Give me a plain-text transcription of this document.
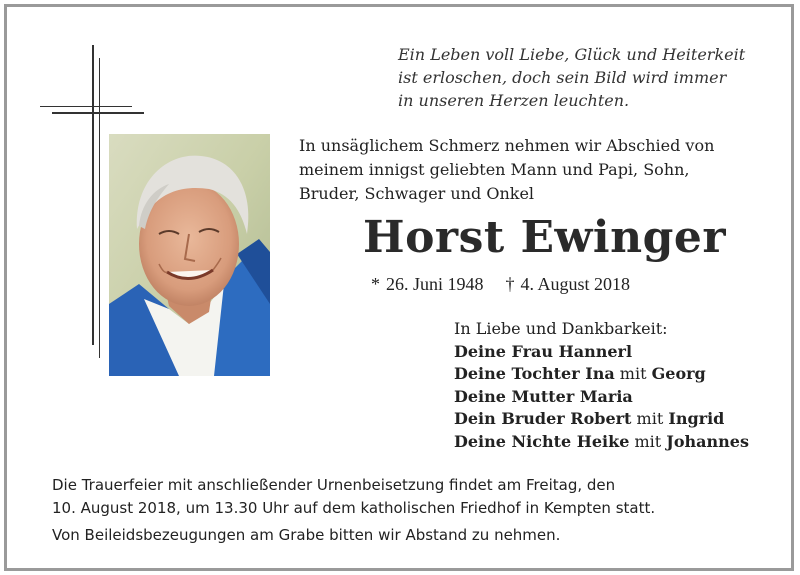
Ein Leben voll Liebe, Glück und Heiterkeit
ist erloschen, doch sein Bild wird immer
in unseren Herzen leuchten.
In unsäglichem Schmerz nehmen wir Abschied von
meinem innigst geliebten Mann und Papi, Sohn,
Bruder, Schwager und Onkel
Horst Ewinger
* 26. Juni 1948 † 4. August 2018
In Liebe und Dankbarkeit:
Deine Frau Hannerl
Deine Tochter Ina mit Georg
Deine Mutter Maria
Dein Bruder Robert mit Ingrid
Deine Nichte Heike mit Johannes
Die Trauerfeier mit anschließender Urnenbeisetzung findet am Freitag, den
10. August 2018, um 13.30 Uhr auf dem katholischen Friedhof in Kempten statt.
Von Beileidsbezeugungen am Grabe bitten wir Abstand zu nehmen.
